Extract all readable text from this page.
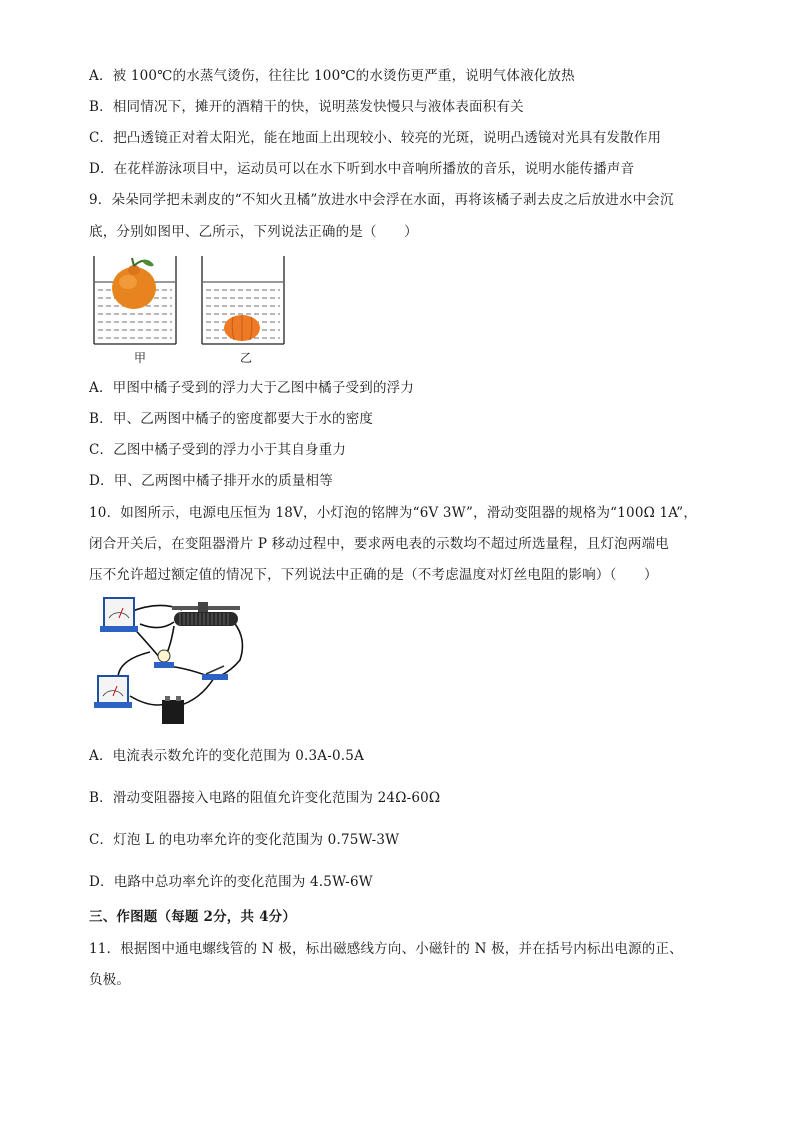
A．被 100℃的水蒸气烫伤，往往比 100℃的水烫伤更严重，说明气体液化放热
B．相同情况下，摊开的酒精干的快，说明蒸发快慢只与液体表面积有关
C．把凸透镜正对着太阳光，能在地面上出现较小、较亮的光斑，说明凸透镜对光具有发散作用
D．在花样游泳项目中，运动员可以在水下听到水中音响所播放的音乐，说明水能传播声音
9．朵朵同学把未剥皮的“不知火丑橘”放进水中会浮在水面，再将该橘子剥去皮之后放进水中会沉
底，分别如图甲、乙所示，下列说法正确的是（　　）
甲	乙
A．甲图中橘子受到的浮力大于乙图中橘子受到的浮力
B．甲、乙两图中橘子的密度都要大于水的密度
C．乙图中橘子受到的浮力小于其自身重力
D．甲、乙两图中橘子排开水的质量相等
10．如图所示，电源电压恒为 18V，小灯泡的铭牌为“6V 3W”，滑动变阻器的规格为“100Ω 1A”，
闭合开关后，在变阻器滑片 P 移动过程中，要求两电表的示数均不超过所选量程，且灯泡两端电
压不允许超过额定值的情况下，下列说法中正确的是（不考虑温度对灯丝电阻的影响）（　　）
A．电流表示数允许的变化范围为 0.3A-0.5A
B．滑动变阻器接入电路的阻值允许变化范围为 24Ω-60Ω
C．灯泡 L 的电功率允许的变化范围为 0.75W-3W
D．电路中总功率允许的变化范围为 4.5W-6W
三、作图题（每题 2分，共 4分）
11．根据图中通电螺线管的 N 极，标出磁感线方向、小磁针的 N 极，并在括号内标出电源的正、
负极。
